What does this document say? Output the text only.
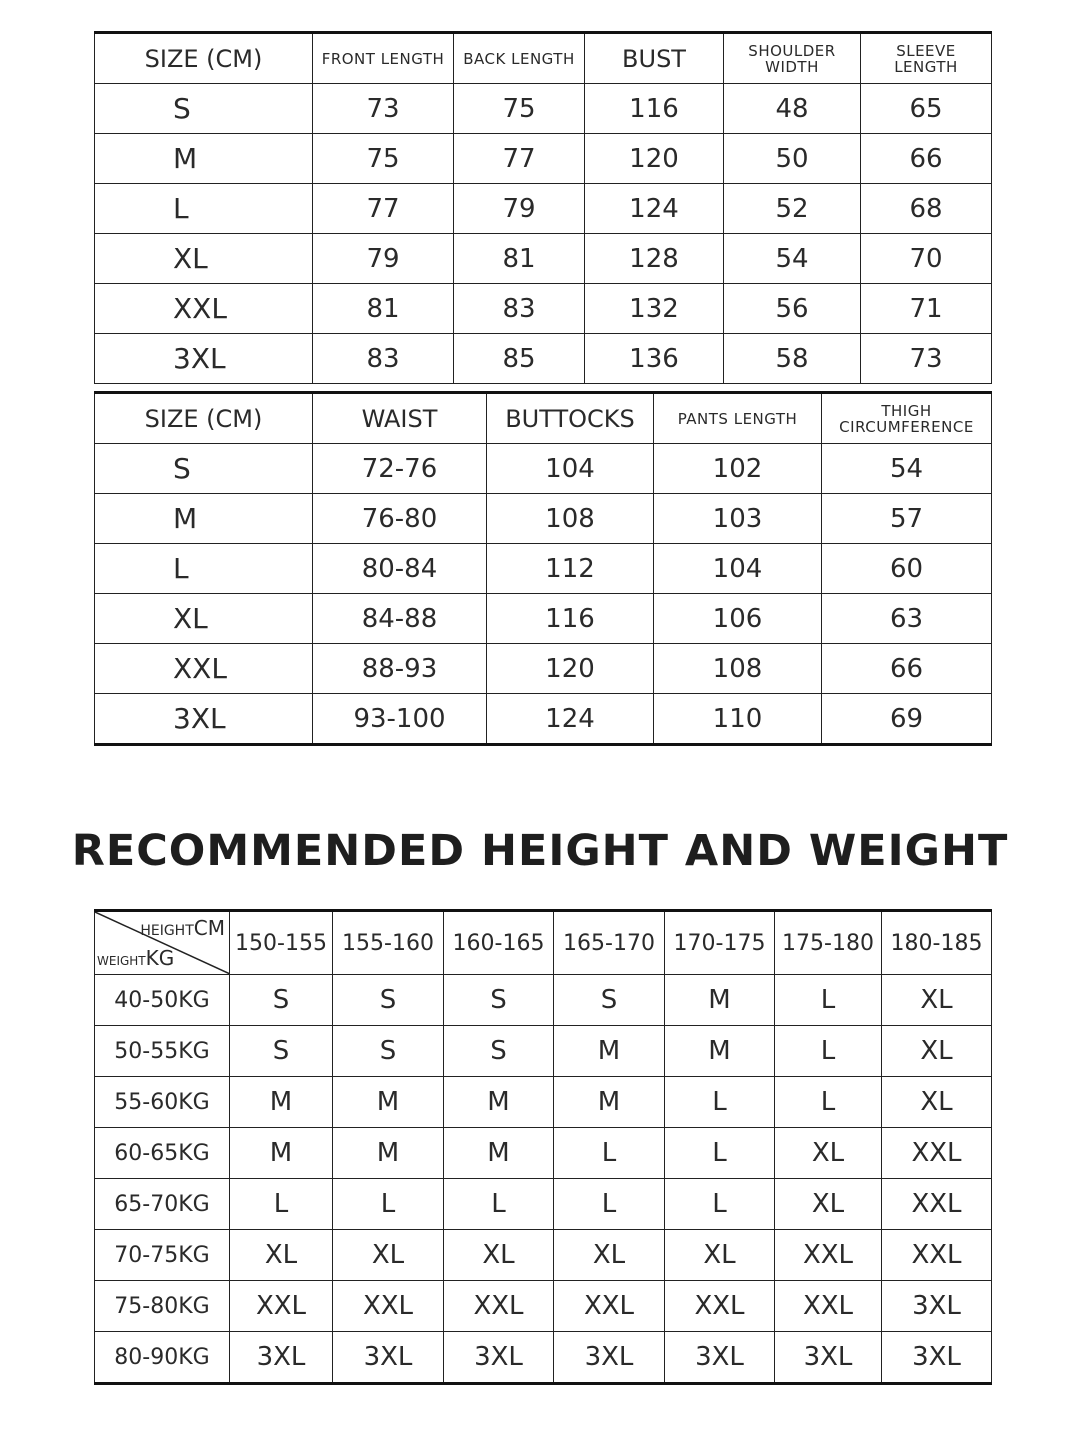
SIZE (CM)	FRONT LENGTH	BACK LENGTH	BUST	SHOULDER WIDTH	SLEEVE LENGTH
S	73	75	116	48	65
M	75	77	120	50	66
L	77	79	124	52	68
XL	79	81	128	54	70
XXL	81	83	132	56	71
3XL	83	85	136	58	73
SIZE (CM)	WAIST	BUTTOCKS	PANTS LENGTH	THIGH CIRCUMFERENCE
S	72-76	104	102	54
M	76-80	108	103	57
L	80-84	112	104	60
XL	84-88	116	106	63
XXL	88-93	120	108	66
3XL	93-100	124	110	69
RECOMMENDED HEIGHT AND WEIGHT
HEIGHTCM
WEIGHTKG	150-155	155-160	160-165	165-170	170-175	175-180	180-185
40-50KG	S	S	S	S	M	L	XL
50-55KG	S	S	S	M	M	L	XL
55-60KG	M	M	M	M	L	L	XL
60-65KG	M	M	M	L	L	XL	XXL
65-70KG	L	L	L	L	L	XL	XXL
70-75KG	XL	XL	XL	XL	XL	XXL	XXL
75-80KG	XXL	XXL	XXL	XXL	XXL	XXL	3XL
80-90KG	3XL	3XL	3XL	3XL	3XL	3XL	3XL
